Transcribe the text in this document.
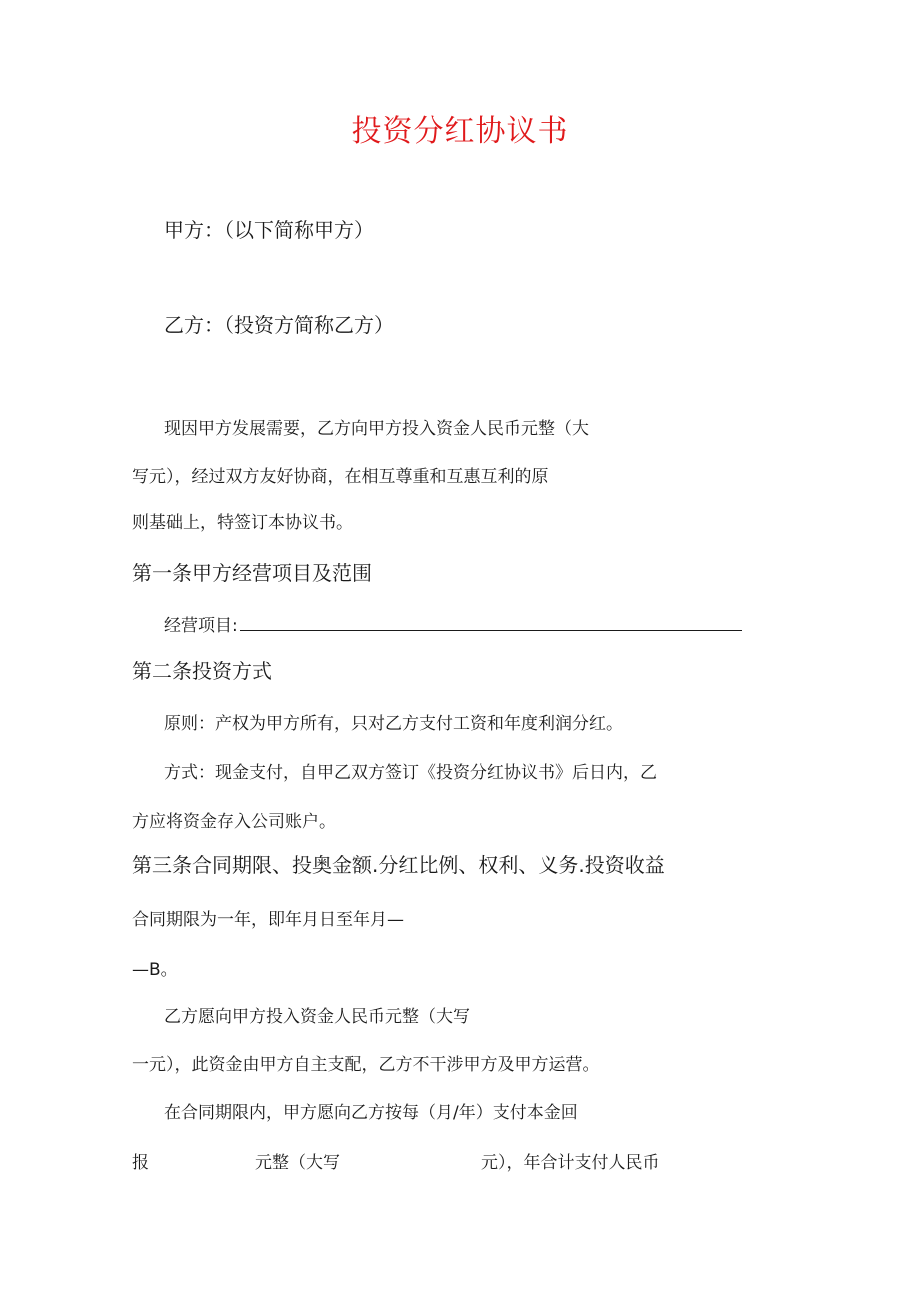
投资分红协议书
甲方：（以下简称甲方）
乙方：（投资方简称乙方）
现因甲方发展需要，乙方向甲方投入资金人民币元整（大
写元），经过双方友好协商，在相互尊重和互惠互利的原
则基础上，特签订本协议书。
第一条甲方经营项目及范围
经营项目:
第二条投资方式
原则：产权为甲方所有，只对乙方支付工资和年度利润分红。
方式：现金支付，自甲乙双方签订《投资分红协议书》后日内，乙
方应将资金存入公司账户。
第三条合同期限、投奥金额.分红比例、权利、义务.投资收益
合同期限为一年，即年月日至年月—
—B。
乙方愿向甲方投入资金人民币元整（大写
一元），此资金由甲方自主支配，乙方不干涉甲方及甲方运营。
在合同期限内，甲方愿向乙方按每（月/年）支付本金回
报	元整（大写	元），年合计支付人民币
